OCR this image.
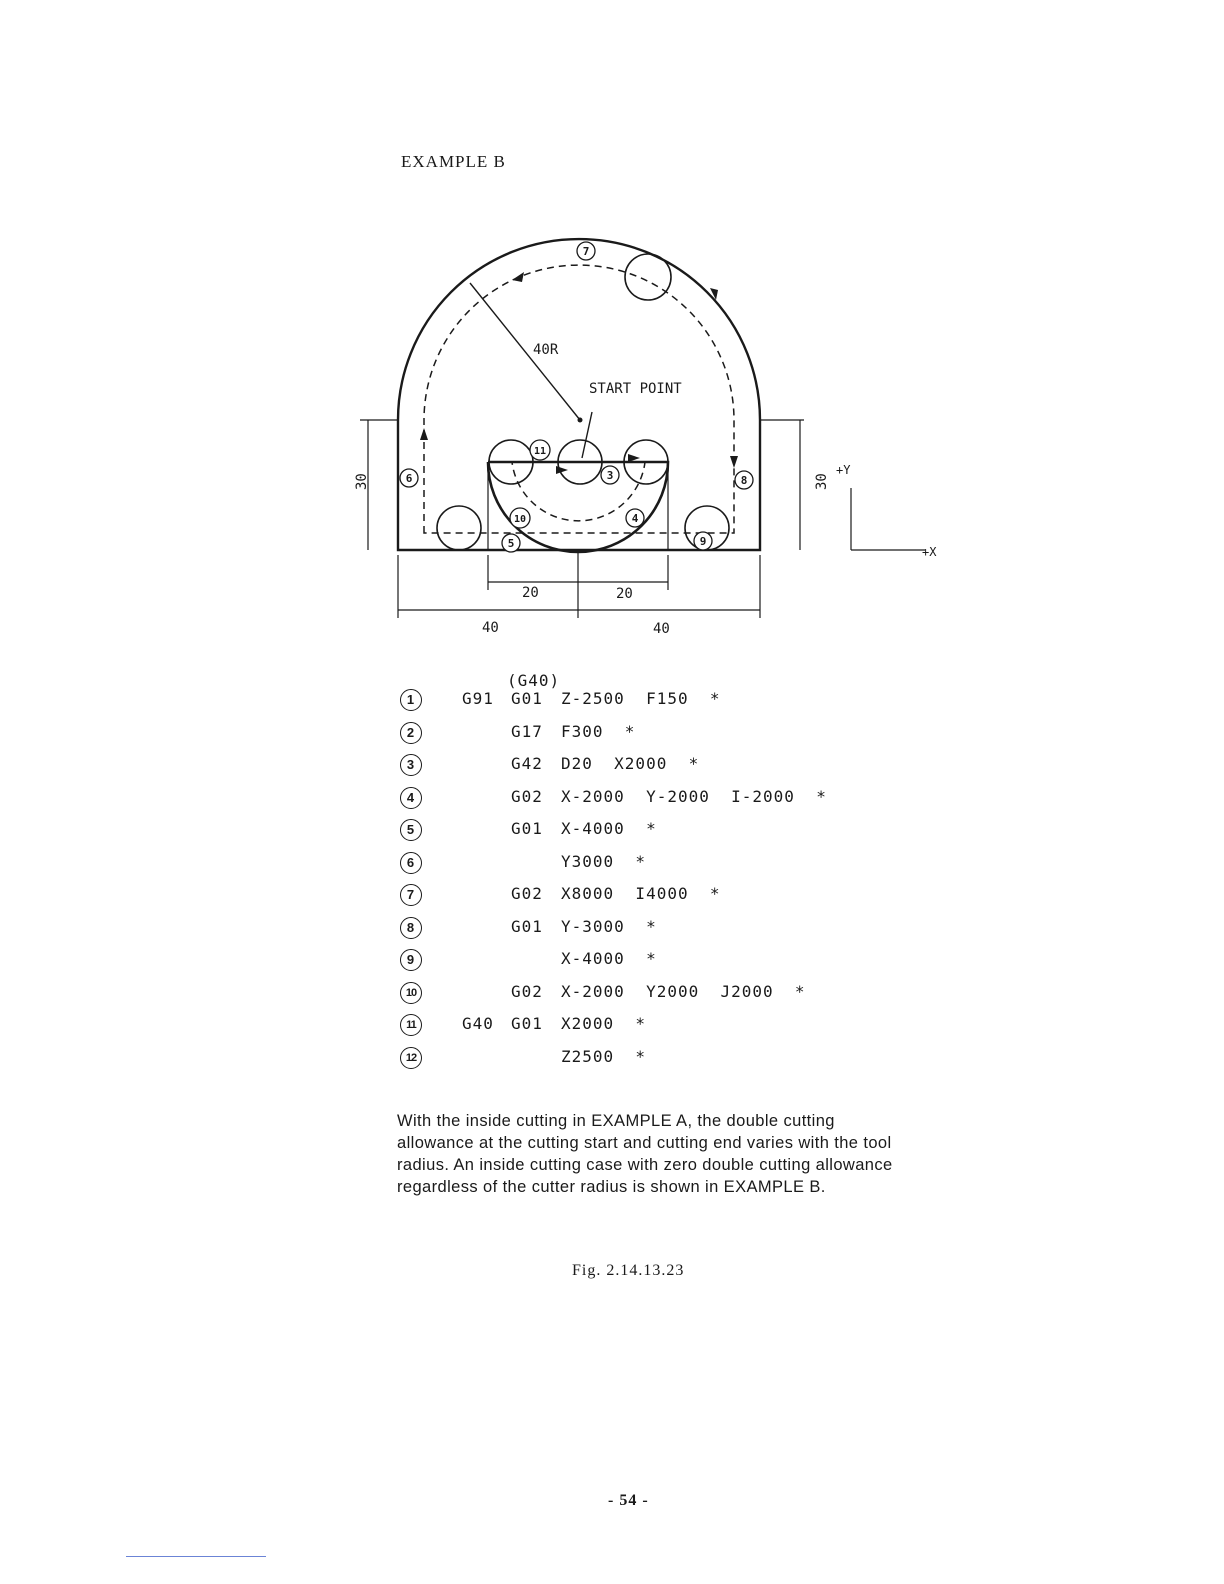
EXAMPLE B
40R
START POINT
30	30
20	20
40	40
+Y
+X
3
4
5
6
7
8
9
10
11
(G40)
1	G91 G01 Z-2500  F150  *
2	G17 F300  *
3	G42 D20  X2000  *
4	G02 X-2000  Y-2000  I-2000  *
5	G01 X-4000  *
6	Y3000  *
7	G02 X8000  I4000  *
8	G01 Y-3000  *
9	X-4000  *
10	G02 X-2000  Y2000  J2000  *
11	G40 G01 X2000  *
12	Z2500  *
With the inside cutting in EXAMPLE A, the double cutting allowance at the cutting start and cutting end varies with the tool radius. An inside cutting case with zero double cutting allowance regardless of the cutter radius is shown in EXAMPLE B.
Fig. 2.14.13.23
- 54 -
